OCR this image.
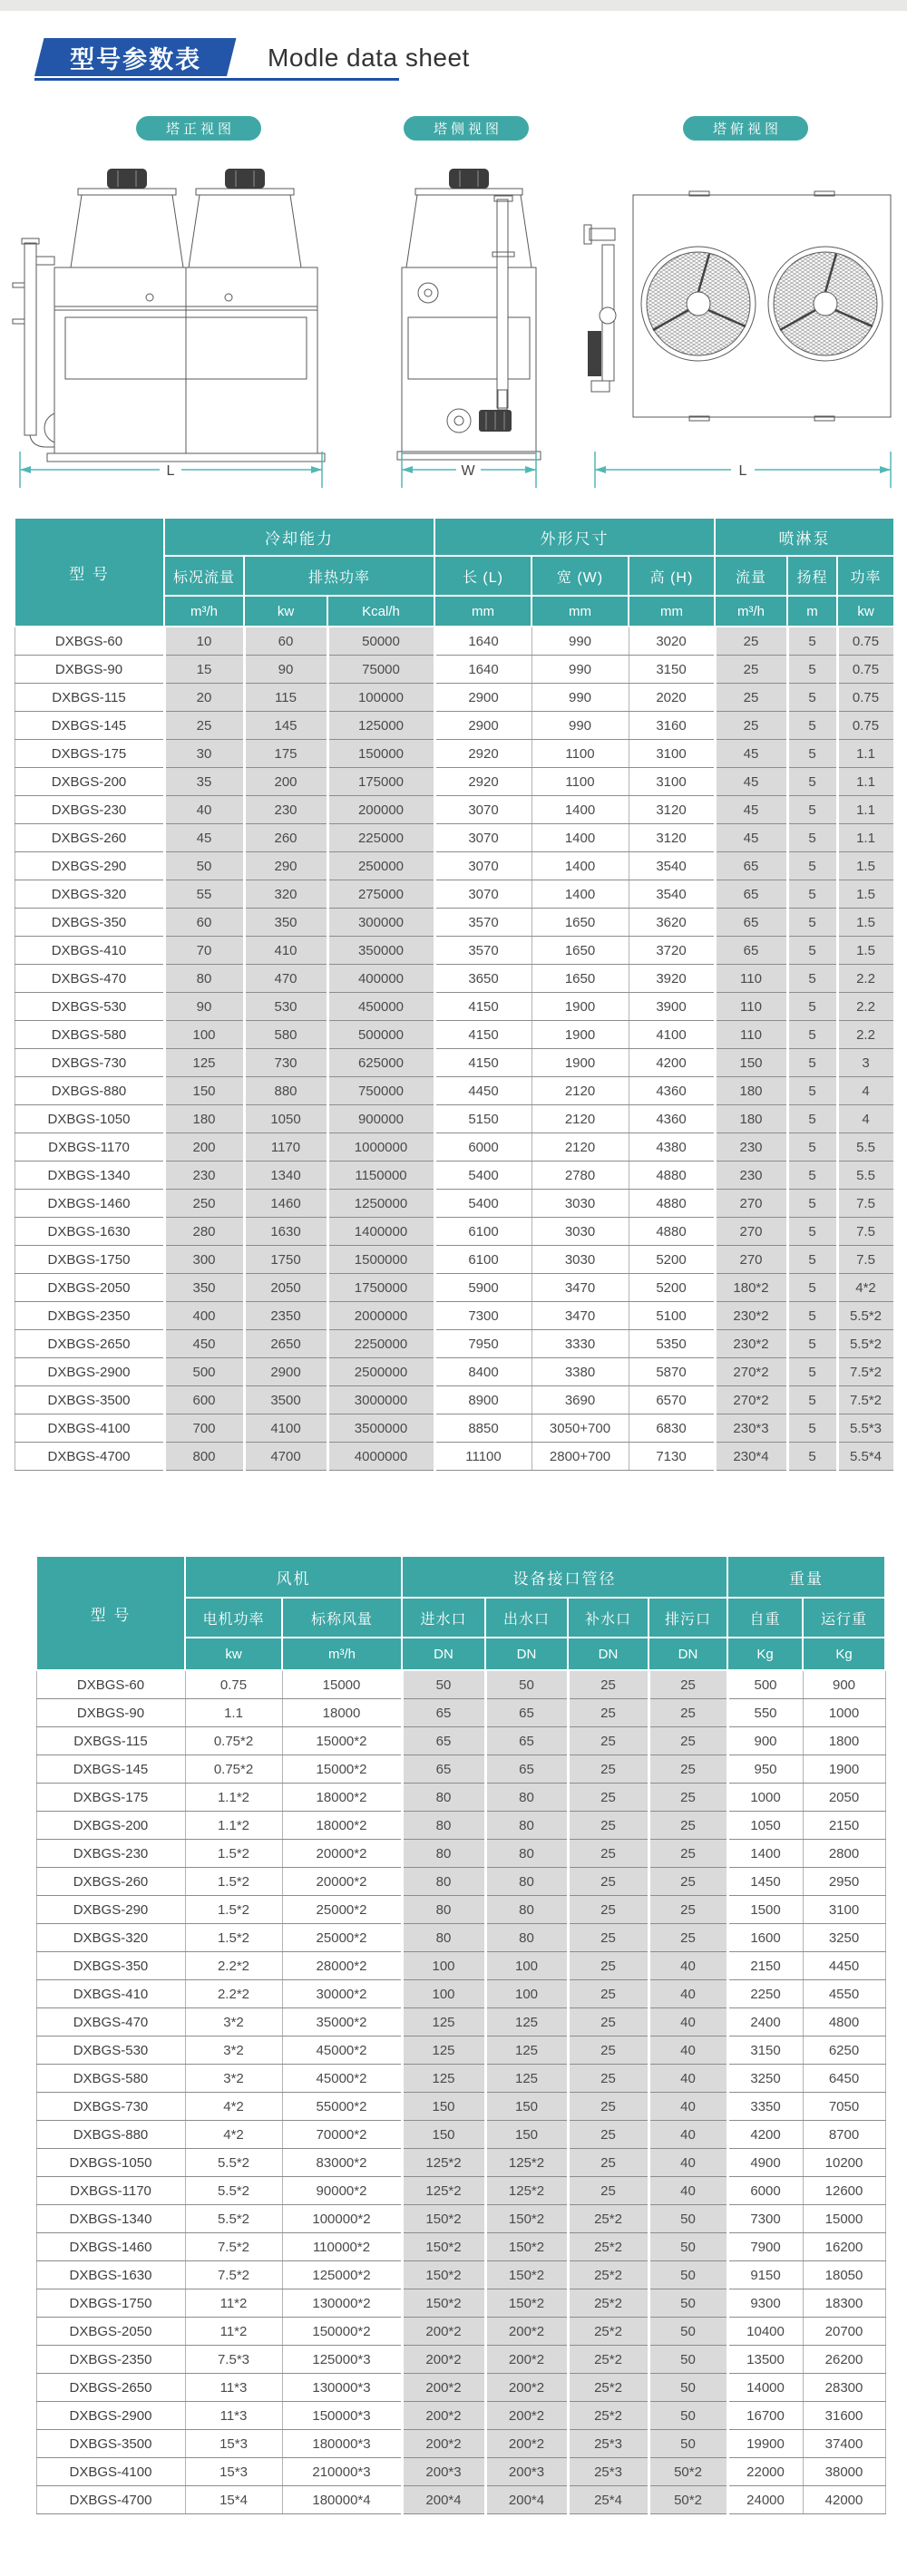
型号参数表	Modle data sheet
塔正视图	塔侧视图	塔俯视图
L	W	L
型 号	冷却能力			外形尺寸			喷淋泵		
	标况流量	排热功率		长 (L)	宽 (W)	高 (H)	流量	扬程	功率
	m³/h	kw	Kcal/h	mm	mm	mm	m³/h	m	kw
DXBGS-60	10	60	50000	1640	990	3020	25	5	0.75
DXBGS-90	15	90	75000	1640	990	3150	25	5	0.75
DXBGS-115	20	115	100000	2900	990	2020	25	5	0.75
DXBGS-145	25	145	125000	2900	990	3160	25	5	0.75
DXBGS-175	30	175	150000	2920	1100	3100	45	5	1.1
DXBGS-200	35	200	175000	2920	1100	3100	45	5	1.1
DXBGS-230	40	230	200000	3070	1400	3120	45	5	1.1
DXBGS-260	45	260	225000	3070	1400	3120	45	5	1.1
DXBGS-290	50	290	250000	3070	1400	3540	65	5	1.5
DXBGS-320	55	320	275000	3070	1400	3540	65	5	1.5
DXBGS-350	60	350	300000	3570	1650	3620	65	5	1.5
DXBGS-410	70	410	350000	3570	1650	3720	65	5	1.5
DXBGS-470	80	470	400000	3650	1650	3920	110	5	2.2
DXBGS-530	90	530	450000	4150	1900	3900	110	5	2.2
DXBGS-580	100	580	500000	4150	1900	4100	110	5	2.2
DXBGS-730	125	730	625000	4150	1900	4200	150	5	3
DXBGS-880	150	880	750000	4450	2120	4360	180	5	4
DXBGS-1050	180	1050	900000	5150	2120	4360	180	5	4
DXBGS-1170	200	1170	1000000	6000	2120	4380	230	5	5.5
DXBGS-1340	230	1340	1150000	5400	2780	4880	230	5	5.5
DXBGS-1460	250	1460	1250000	5400	3030	4880	270	5	7.5
DXBGS-1630	280	1630	1400000	6100	3030	4880	270	5	7.5
DXBGS-1750	300	1750	1500000	6100	3030	5200	270	5	7.5
DXBGS-2050	350	2050	1750000	5900	3470	5200	180*2	5	4*2
DXBGS-2350	400	2350	2000000	7300	3470	5100	230*2	5	5.5*2
DXBGS-2650	450	2650	2250000	7950	3330	5350	230*2	5	5.5*2
DXBGS-2900	500	2900	2500000	8400	3380	5870	270*2	5	7.5*2
DXBGS-3500	600	3500	3000000	8900	3690	6570	270*2	5	7.5*2
DXBGS-4100	700	4100	3500000	8850	3050+700	6830	230*3	5	5.5*3
DXBGS-4700	800	4700	4000000	11100	2800+700	7130	230*4	5	5.5*4
型 号	风机		设备接口管径				重量	
	电机功率	标称风量	进水口	出水口	补水口	排污口	自重	运行重
	kw	m³/h	DN	DN	DN	DN	Kg	Kg
DXBGS-60	0.75	15000	50	50	25	25	500	900
DXBGS-90	1.1	18000	65	65	25	25	550	1000
DXBGS-115	0.75*2	15000*2	65	65	25	25	900	1800
DXBGS-145	0.75*2	15000*2	65	65	25	25	950	1900
DXBGS-175	1.1*2	18000*2	80	80	25	25	1000	2050
DXBGS-200	1.1*2	18000*2	80	80	25	25	1050	2150
DXBGS-230	1.5*2	20000*2	80	80	25	25	1400	2800
DXBGS-260	1.5*2	20000*2	80	80	25	25	1450	2950
DXBGS-290	1.5*2	25000*2	80	80	25	25	1500	3100
DXBGS-320	1.5*2	25000*2	80	80	25	25	1600	3250
DXBGS-350	2.2*2	28000*2	100	100	25	40	2150	4450
DXBGS-410	2.2*2	30000*2	100	100	25	40	2250	4550
DXBGS-470	3*2	35000*2	125	125	25	40	2400	4800
DXBGS-530	3*2	45000*2	125	125	25	40	3150	6250
DXBGS-580	3*2	45000*2	125	125	25	40	3250	6450
DXBGS-730	4*2	55000*2	150	150	25	40	3350	7050
DXBGS-880	4*2	70000*2	150	150	25	40	4200	8700
DXBGS-1050	5.5*2	83000*2	125*2	125*2	25	40	4900	10200
DXBGS-1170	5.5*2	90000*2	125*2	125*2	25	40	6000	12600
DXBGS-1340	5.5*2	100000*2	150*2	150*2	25*2	50	7300	15000
DXBGS-1460	7.5*2	110000*2	150*2	150*2	25*2	50	7900	16200
DXBGS-1630	7.5*2	125000*2	150*2	150*2	25*2	50	9150	18050
DXBGS-1750	11*2	130000*2	150*2	150*2	25*2	50	9300	18300
DXBGS-2050	11*2	150000*2	200*2	200*2	25*2	50	10400	20700
DXBGS-2350	7.5*3	125000*3	200*2	200*2	25*2	50	13500	26200
DXBGS-2650	11*3	130000*3	200*2	200*2	25*2	50	14000	28300
DXBGS-2900	11*3	150000*3	200*2	200*2	25*2	50	16700	31600
DXBGS-3500	15*3	180000*3	200*2	200*2	25*3	50	19900	37400
DXBGS-4100	15*3	210000*3	200*3	200*3	25*3	50*2	22000	38000
DXBGS-4700	15*4	180000*4	200*4	200*4	25*4	50*2	24000	42000
